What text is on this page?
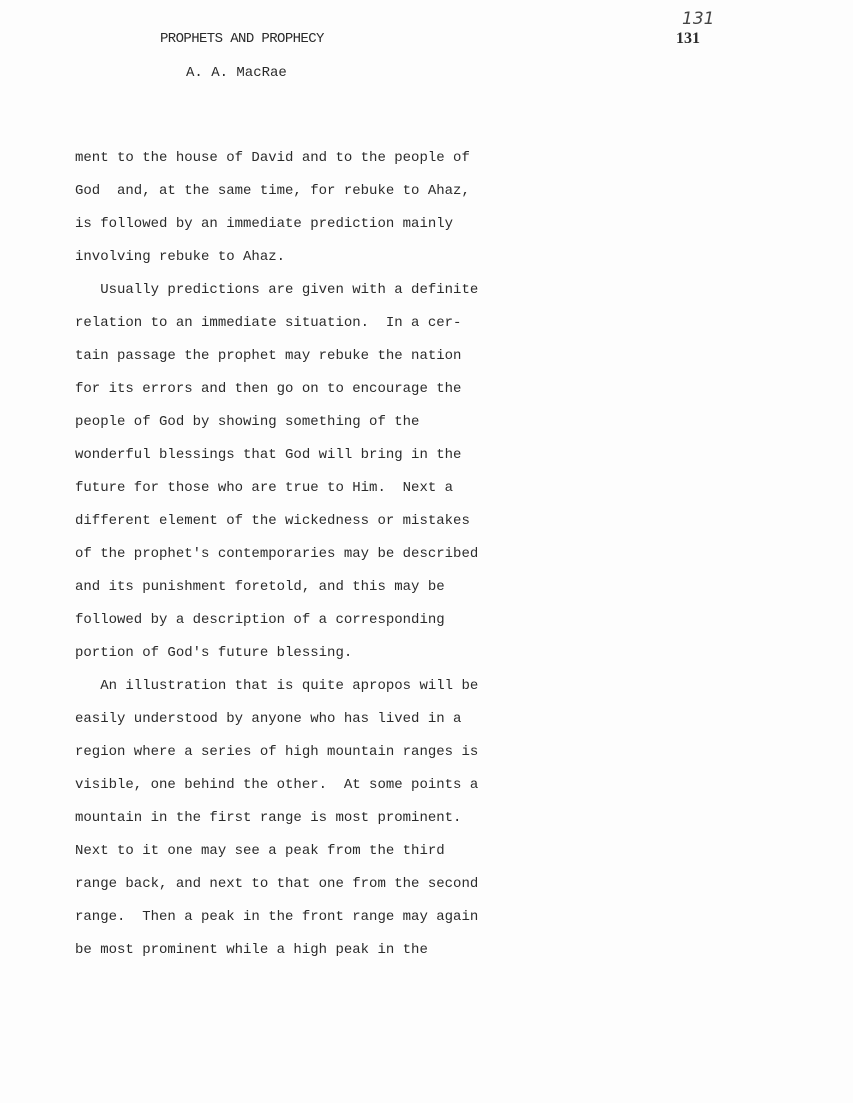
PROPHETS AND PROPHECY
A. A. MacRae
131
131
ment to the house of David and to the people of
God  and, at the same time, for rebuke to Ahaz,
is followed by an immediate prediction mainly
involving rebuke to Ahaz.
Usually predictions are given with a definite
relation to an immediate situation.  In a cer-
tain passage the prophet may rebuke the nation
for its errors and then go on to encourage the
people of God by showing something of the
wonderful blessings that God will bring in the
future for those who are true to Him.  Next a
different element of the wickedness or mistakes
of the prophet's contemporaries may be described
and its punishment foretold, and this may be
followed by a description of a corresponding
portion of God's future blessing.
An illustration that is quite apropos will be
easily understood by anyone who has lived in a
region where a series of high mountain ranges is
visible, one behind the other.  At some points a
mountain in the first range is most prominent.
Next to it one may see a peak from the third
range back, and next to that one from the second
range.  Then a peak in the front range may again
be most prominent while a high peak in the
